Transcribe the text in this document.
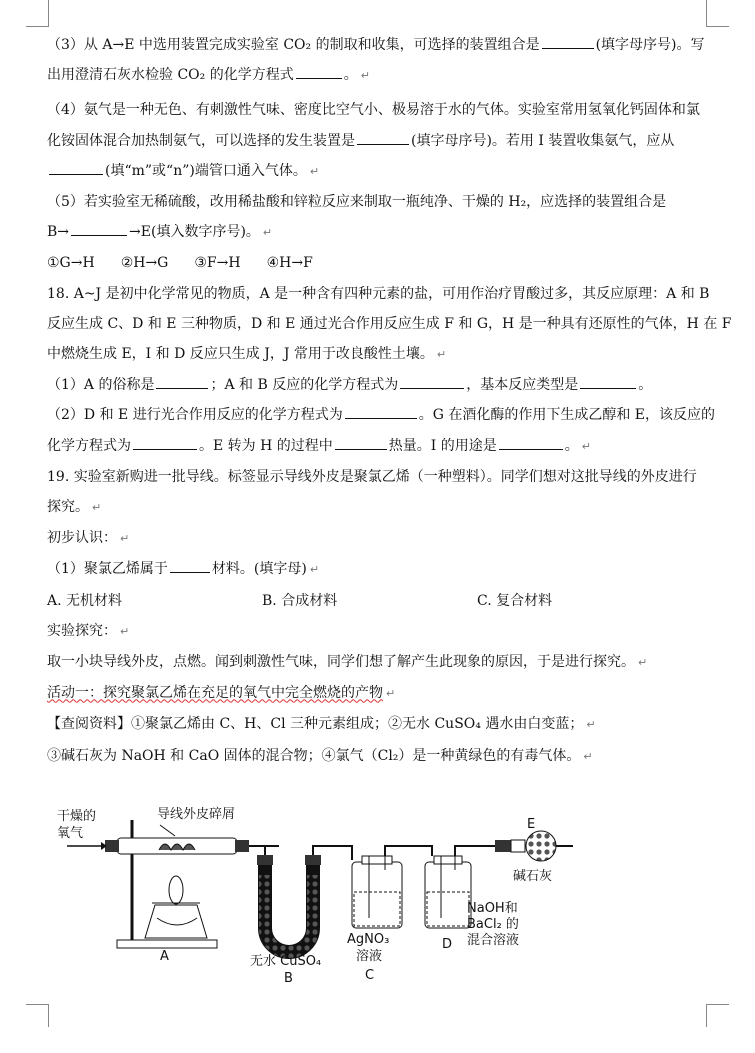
（3）从 A→E 中选用装置完成实验室 CO₂ 的制取和收集，可选择的装置组合是	(填字母序号)。写
出用澄清石灰水检验 CO₂ 的化学方程式	。 ↵
（4）氨气是一种无色、有刺激性气味、密度比空气小、极易溶于水的气体。实验室常用氢氧化钙固体和氯
化铵固体混合加热制氨气，可以选择的发生装置是	(填字母序号)。若用 I 装置收集氨气，应从
(填“m”或“n”)端管口通入气体。 ↵
（5）若实验室无稀硫酸，改用稀盐酸和锌粒反应来制取一瓶纯净、干燥的 H₂，应选择的装置组合是
B→	→E(填入数字序号)。 ↵
①G→H ②H→G ③F→H ④H→F
18. A~J 是初中化学常见的物质，A 是一种含有四种元素的盐，可用作治疗胃酸过多，其反应原理：A 和 B
反应生成 C、D 和 E 三种物质，D 和 E 通过光合作用反应生成 F 和 G，H 是一种具有还原性的气体，H 在 F
中燃烧生成 E，I 和 D 反应只生成 J，J 常用于改良酸性土壤。 ↵
（1）A 的俗称是	；A 和 B 反应的化学方程式为	，基本反应类型是	。
（2）D 和 E 进行光合作用反应的化学方程式为	。G 在酒化酶的作用下生成乙醇和 E，该反应的
化学方程式为	。E 转为 H 的过程中	热量。I 的用途是	。 ↵
19. 实验室新购进一批导线。标签显示导线外皮是聚氯乙烯（一种塑料）。同学们想对这批导线的外皮进行
探究。 ↵
初步认识： ↵
（1）聚氯乙烯属于	材料。(填字母) ↵
A. 无机材料	B. 合成材料	C. 复合材料
实验探究： ↵
取一小块导线外皮，点燃。闻到刺激性气味，同学们想了解产生此现象的原因，于是进行探究。 ↵
活动一：探究聚氯乙烯在充足的氧气中完全燃烧的产物 ↵
【查阅资料】①聚氯乙烯由 C、H、Cl 三种元素组成；②无水 CuSO₄ 遇水由白变蓝； ↵
③碱石灰为 NaOH 和 CaO 固体的混合物；④氯气（Cl₂）是一种黄绿色的有毒气体。 ↵
干燥的
氧气
导线外皮碎屑
A	无水 CuSO₄
B
AgNO₃
溶液
C
D
NaOH和
BaCl₂ 的
混合溶液
E
碱石灰
